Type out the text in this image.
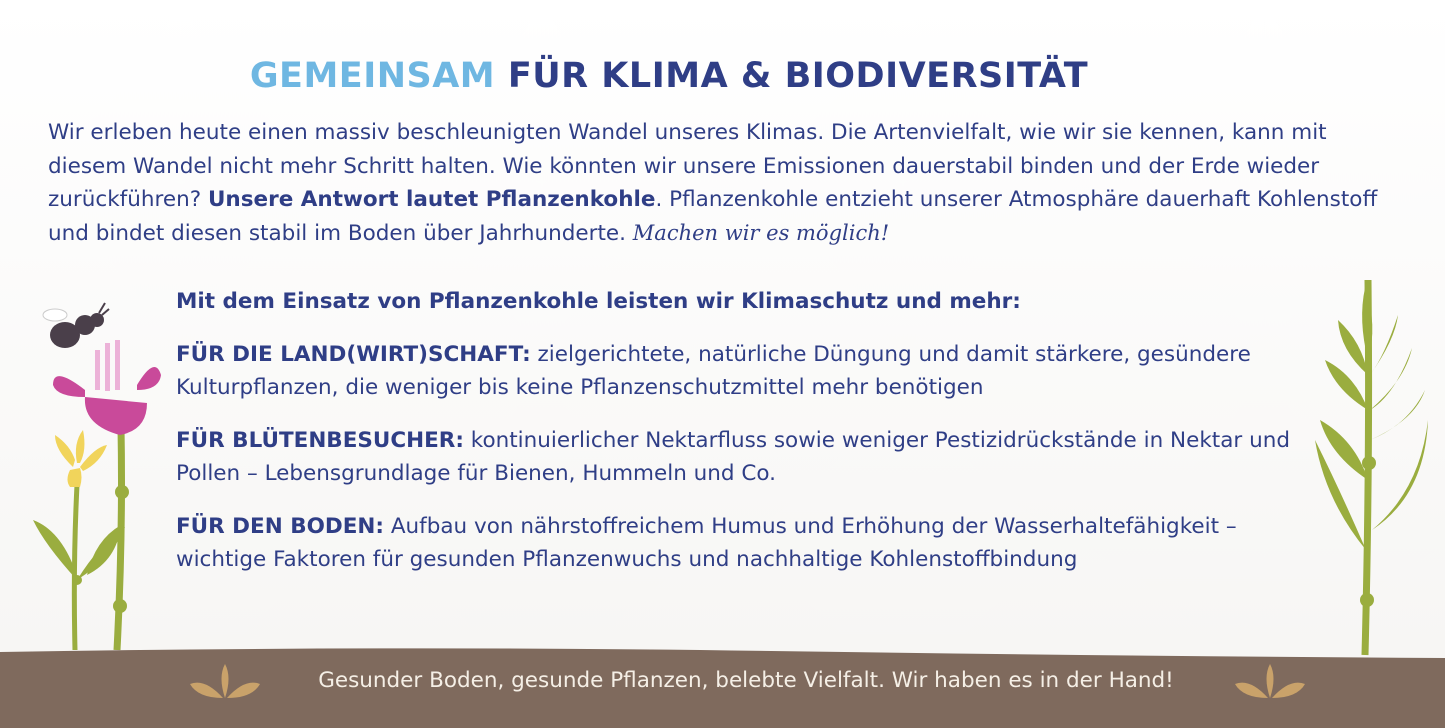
GEMEINSAM FÜR KLIMA & BIODIVERSITÄT

Wir erleben heute einen massiv beschleunigten Wandel unseres Klimas. Die Artenvielfalt, wie wir sie kennen, kann mit diesem Wandel nicht mehr Schritt halten. Wie könnten wir unsere Emissionen dauerstabil binden und der Erde wieder zurückführen? Unsere Antwort lautet Pflanzenkohle. Pflanzenkohle entzieht unserer Atmosphäre dauerhaft Kohlenstoff und bindet diesen stabil im Boden über Jahrhunderte. Machen wir es möglich!

Mit dem Einsatz von Pflanzenkohle leisten wir Klimaschutz und mehr:

FÜR DIE LAND(WIRT)SCHAFT: zielgerichtete, natürliche Düngung und damit stärkere, gesündere Kulturpflanzen, die weniger bis keine Pflanzenschutzmittel mehr benötigen

FÜR BLÜTENBESUCHER: kontinuierlicher Nektarfluss sowie weniger Pestizidrückstände in Nektar und Pollen – Lebensgrundlage für Bienen, Hummeln und Co.

FÜR DEN BODEN: Aufbau von nährstoffreichem Humus und Erhöhung der Wasserhaltefähigkeit – wichtige Faktoren für gesunden Pflanzenwuchs und nachhaltige Kohlenstoffbindung

Gesunder Boden, gesunde Pflanzen, belebte Vielfalt. Wir haben es in der Hand!
